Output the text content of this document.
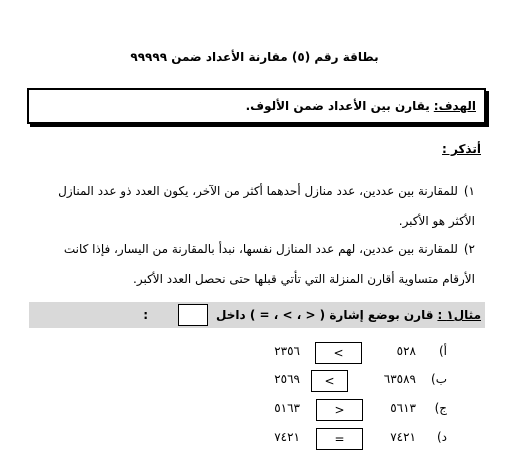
بطاقة رقم (٥) مقارنة الأعداد ضمن ٩٩٩٩٩
الهدف:
يقارن بين الأعداد ضمن الألوف.
أتذكر :
١)للمقارنة بين عددين، عدد منازل أحدهما أكثر من الآخر، يكون العدد ذو عدد المنازل الأكثر هو الأكبر.
٢)للمقارنة بين عددين، لهم عدد المنازل نفسها، نبدأ بالمقارنة من اليسار، فإذا كانت الأرقام متساوية أقارن المنزلة التي تأتي قبلها حتى نحصل العدد الأكبر.
مثال١ :
قارن بوضع إشارة ( < ، > ، = ) داخل
:
أ)
٥٢٨
>
٢٣٥٦
ب)
٦٣٥٨٩
>
٢٥٦٩
ج)
٥٦١٣
<
٥١٦٣
د)
٧٤٢١
=
٧٤٢١
